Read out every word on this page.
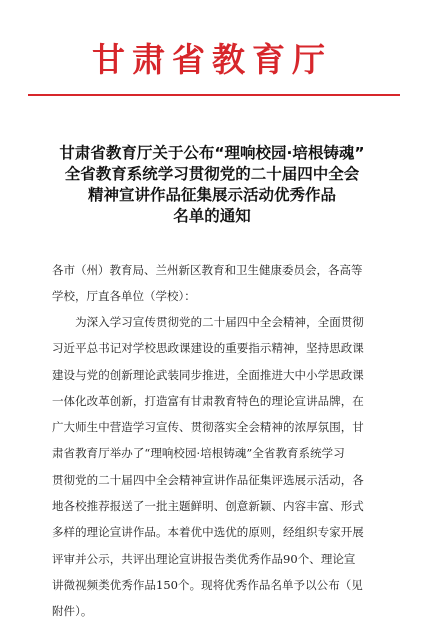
甘肃省教育厅
甘肃省教育厅关于公布“理响校园·培根铸魂”
全省教育系统学习贯彻党的二十届四中全会
精神宣讲作品征集展示活动优秀作品
名单的通知
各市（州）教育局、兰州新区教育和卫生健康委员会，各高等
学校，厅直各单位（学校）：
　　为深入学习宣传贯彻党的二十届四中全会精神，全面贯彻
习近平总书记对学校思政课建设的重要指示精神，坚持思政课
建设与党的创新理论武装同步推进，全面推进大中小学思政课
一体化改革创新，打造富有甘肃教育特色的理论宣讲品牌，在
广大师生中营造学习宣传、贯彻落实全会精神的浓厚氛围，甘
肃省教育厅举办了“理响校园·培根铸魂”全省教育系统学习
贯彻党的二十届四中全会精神宣讲作品征集评选展示活动，各
地各校推荐报送了一批主题鲜明、创意新颖、内容丰富、形式
多样的理论宣讲作品。本着优中选优的原则，经组织专家开展
评审并公示，共评出理论宣讲报告类优秀作品90个、理论宣
讲微视频类优秀作品150个。现将优秀作品名单予以公布（见
附件）。
